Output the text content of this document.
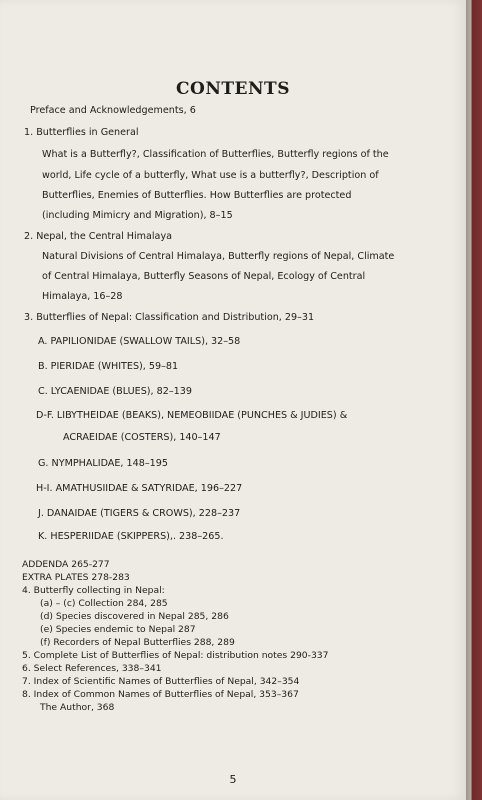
CONTENTS
Preface and Acknowledgements, 6
1. Butterflies in General
What is a Butterfly?, Classification of Butterflies, Butterfly regions of the
world, Life cycle of a butterfly, What use is a butterfly?, Description of
Butterflies, Enemies of Butterflies. How Butterflies are protected
(including Mimicry and Migration), 8–15
2. Nepal, the Central Himalaya
Natural Divisions of Central Himalaya, Butterfly regions of Nepal, Climate
of Central Himalaya, Butterfly Seasons of Nepal, Ecology of Central
Himalaya, 16–28
3. Butterflies of Nepal: Classification and Distribution, 29–31
A. PAPILIONIDAE (SWALLOW TAILS), 32–58
B. PIERIDAE (WHITES), 59–81
C. LYCAENIDAE (BLUES), 82–139
D-F. LIBYTHEIDAE (BEAKS), NEMEOBIIDAE (PUNCHES & JUDIES) &
ACRAEIDAE (COSTERS), 140–147
G. NYMPHALIDAE, 148–195
H-I. AMATHUSIIDAE & SATYRIDAE, 196–227
J. DANAIDAE (TIGERS & CROWS), 228–237
K. HESPERIIDAE (SKIPPERS),. 238–265.
ADDENDA 265-277
EXTRA PLATES 278-283
4. Butterfly collecting in Nepal:
(a) – (c) Collection 284, 285
(d) Species discovered in Nepal 285, 286
(e) Species endemic to Nepal 287
(f) Recorders of Nepal Butterflies 288, 289
5. Complete List of Butterflies of Nepal: distribution notes 290-337
6. Select References, 338–341
7. Index of Scientific Names of Butterflies of Nepal, 342–354
8. Index of Common Names of Butterflies of Nepal, 353–367
The Author, 368
5
